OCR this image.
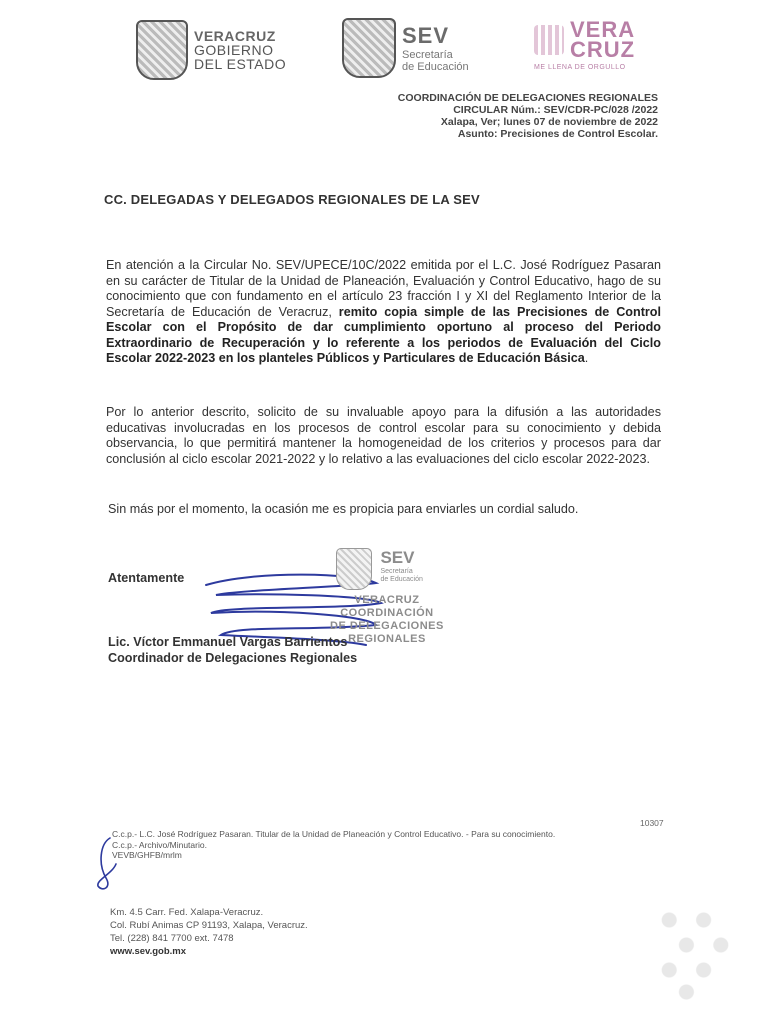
VERACRUZ
GOBIERNO
DEL ESTADO
SEV
Secretaría
de Educación
VERA
CRUZ
ME LLENA DE ORGULLO
COORDINACIÓN DE DELEGACIONES REGIONALES
CIRCULAR Núm.: SEV/CDR-PC/028 /2022
Xalapa, Ver; lunes 07 de noviembre de 2022
Asunto: Precisiones de Control Escolar.
CC. DELEGADAS Y DELEGADOS REGIONALES DE LA SEV
En atención a la Circular No. SEV/UPECE/10C/2022 emitida por el L.C. José Rodríguez Pasaran en su carácter de Titular de la Unidad de Planeación, Evaluación y Control Educativo, hago de su conocimiento que con fundamento en el artículo 23 fracción I y XI del Reglamento Interior de la Secretaría de Educación de Veracruz, remito copia simple de las Precisiones de Control Escolar con el Propósito de dar cumplimiento oportuno al proceso del Periodo Extraordinario de Recuperación y lo referente a los periodos de Evaluación del Ciclo Escolar 2022-2023 en los planteles Públicos y Particulares de Educación Básica.
Por lo anterior descrito, solicito de su invaluable apoyo para la difusión a las autoridades educativas involucradas en los procesos de control escolar para su conocimiento y debida observancia, lo que permitirá mantener la homogeneidad de los criterios y procesos para dar conclusión al ciclo escolar 2021-2022 y lo relativo a las evaluaciones del ciclo escolar 2022-2023.
Sin más por el momento, la ocasión me es propicia para enviarles un cordial saludo.
Atentamente

SEV
Secretaría
de Educación
VERACRUZ
COORDINACIÓN
DE DELEGACIONES
REGIONALES
Lic. Víctor Emmanuel Vargas Barrientos
Coordinador de Delegaciones Regionales
10307
C.c.p.- L.C. José Rodríguez Pasaran. Titular de la Unidad de Planeación y Control Educativo. - Para su conocimiento.
C.c.p.- Archivo/Minutario.
VEVB/GHFB/mrlm
Km. 4.5 Carr. Fed. Xalapa-Veracruz.
Col. Rubí Animas CP 91193, Xalapa, Veracruz.
Tel. (228) 841 7700 ext. 7478
www.sev.gob.mx
